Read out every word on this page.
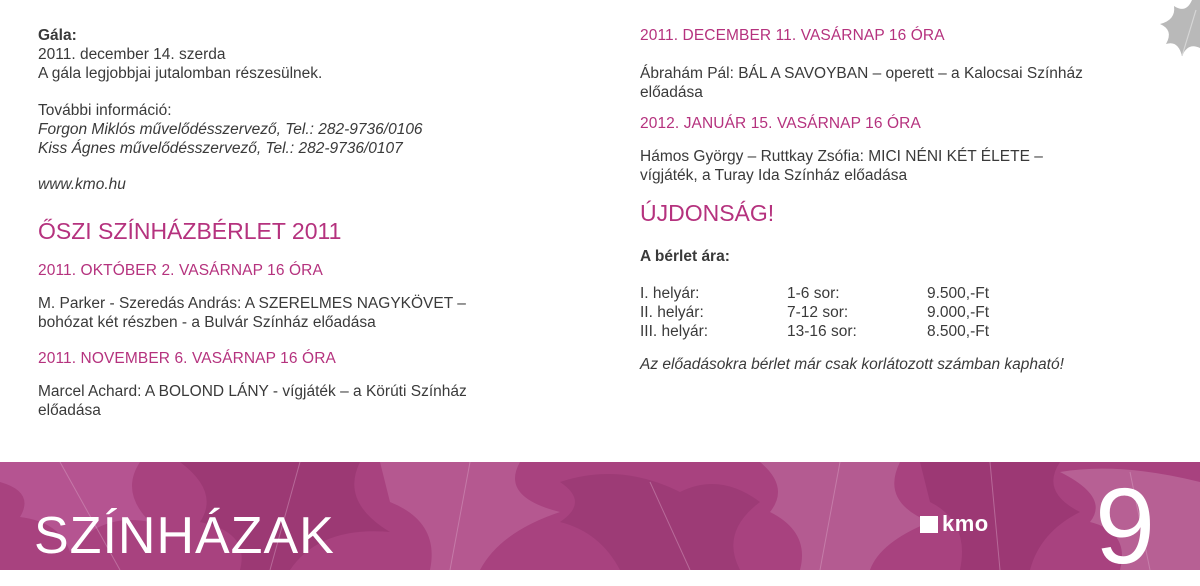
Gála:

2011. december 14. szerda

A gála legjobbjai jutalomban részesülnek.

További információ:

Forgon Miklós művelődésszervező, Tel.: 282-9736/0106

Kiss Ágnes művelődésszervező, Tel.: 282-9736/0107

www.kmo.hu

ŐSZI SZÍNHÁZBÉRLET 2011

2011. OKTÓBER 2. VASÁRNAP 16 ÓRA

M. Parker - Szeredás András: A SZERELMES NAGYKÖVET –

bohózat két részben - a Bulvár Színház előadása

2011. NOVEMBER 6. VASÁRNAP 16 ÓRA

Marcel Achard: A BOLOND LÁNY - vígjáték – a Körúti Színház

előadása

2011. DECEMBER 11. VASÁRNAP 16 ÓRA

Ábrahám Pál: BÁL A SAVOYBAN – operett – a Kalocsai Színház

előadása

2012. JANUÁR 15. VASÁRNAP 16 ÓRA

Hámos György – Ruttkay Zsófia: MICI NÉNI KÉT ÉLETE –

vígjáték, a Turay Ida Színház előadása

ÚJDONSÁG!

A bérlet ára:

I. helyár:	1-6 sor:	9.500,-Ft
II. helyár:	7-12 sor:	9.000,-Ft
III. helyár:	13-16 sor:	8.500,-Ft

Az előadásokra bérlet már csak korlátozott számban kapható!

SZÍNHÁZAK	kmo 9
